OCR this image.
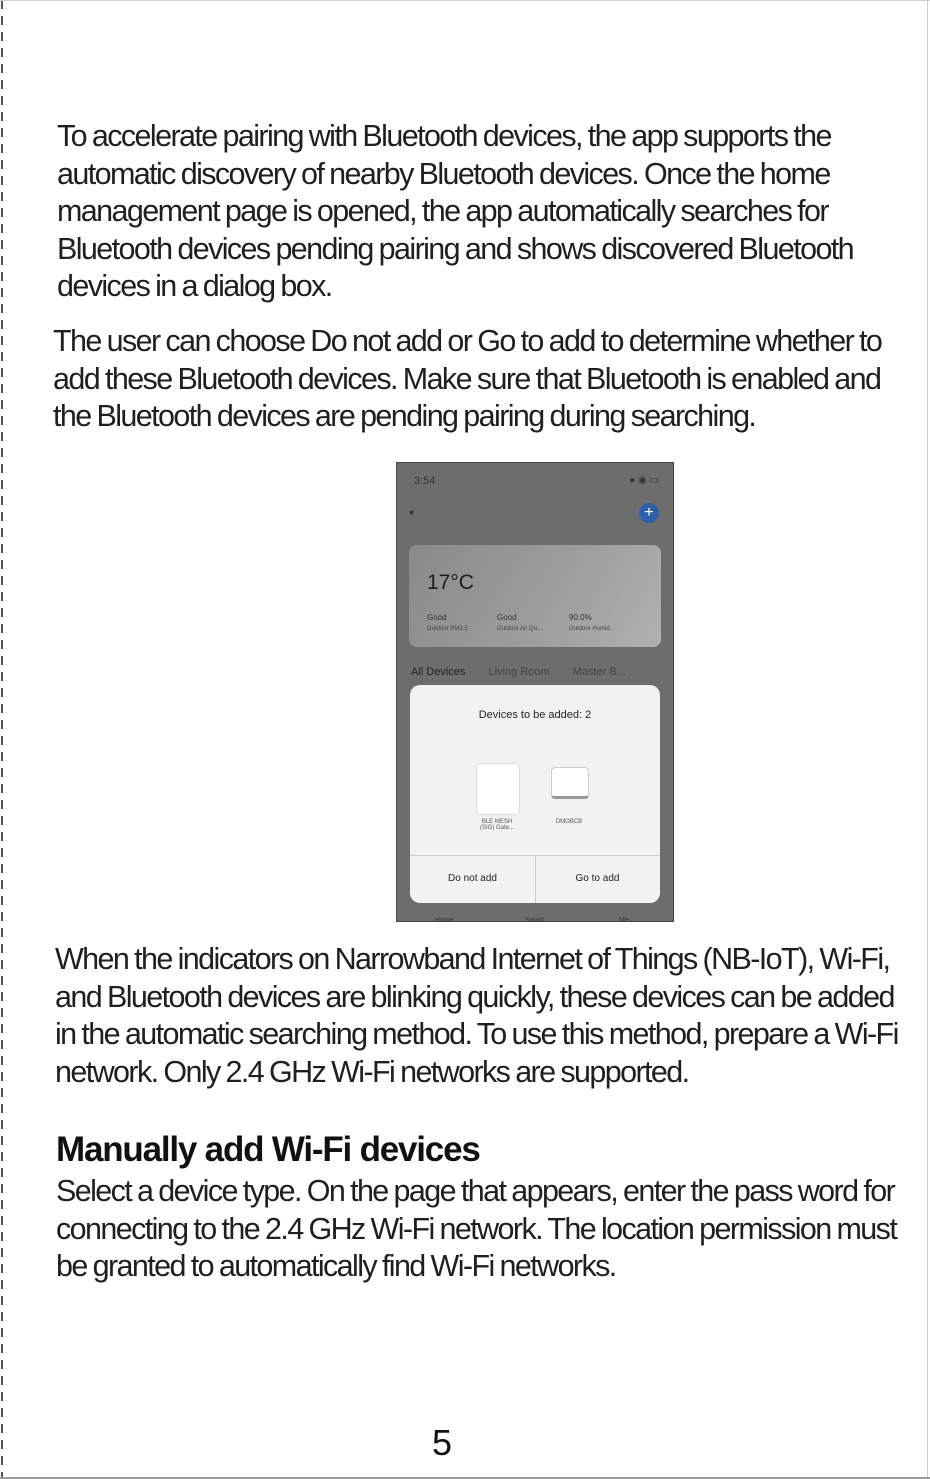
To accelerate pairing with Bluetooth devices, the app supports the automatic discovery of nearby Bluetooth devices. Once the home management page is opened, the app automatically searches for Bluetooth devices pending pairing and shows discovered Bluetooth devices in a dialog box.

The user can choose Do not add or Go to add to determine whether to add these Bluetooth devices. Make sure that Bluetooth is enabled and the Bluetooth devices are pending pairing during searching.

3:54	● ◉ ▭
▾	+
17°C
Good
Outdoor PM2.5
Good
Outdoor Air Qu...
90.0%
Outdoor Humid...
All Devices Living Room Master B...
Devices to be added: 2
BLE MESH
(SIG) Gate...
DMOBCB
Do not add	Go to add
Home	Smart	Me

When the indicators on Narrowband Internet of Things (NB-IoT), Wi-Fi, and Bluetooth devices are blinking quickly, these devices can be added in the automatic searching method. To use this method, prepare a Wi-Fi network. Only 2.4 GHz Wi-Fi networks are supported.

Manually add Wi-Fi devices

Select a device type. On the page that appears, enter the pass word for connecting to the 2.4 GHz Wi-Fi network. The location permission must be granted to automatically find Wi-Fi networks.

5
